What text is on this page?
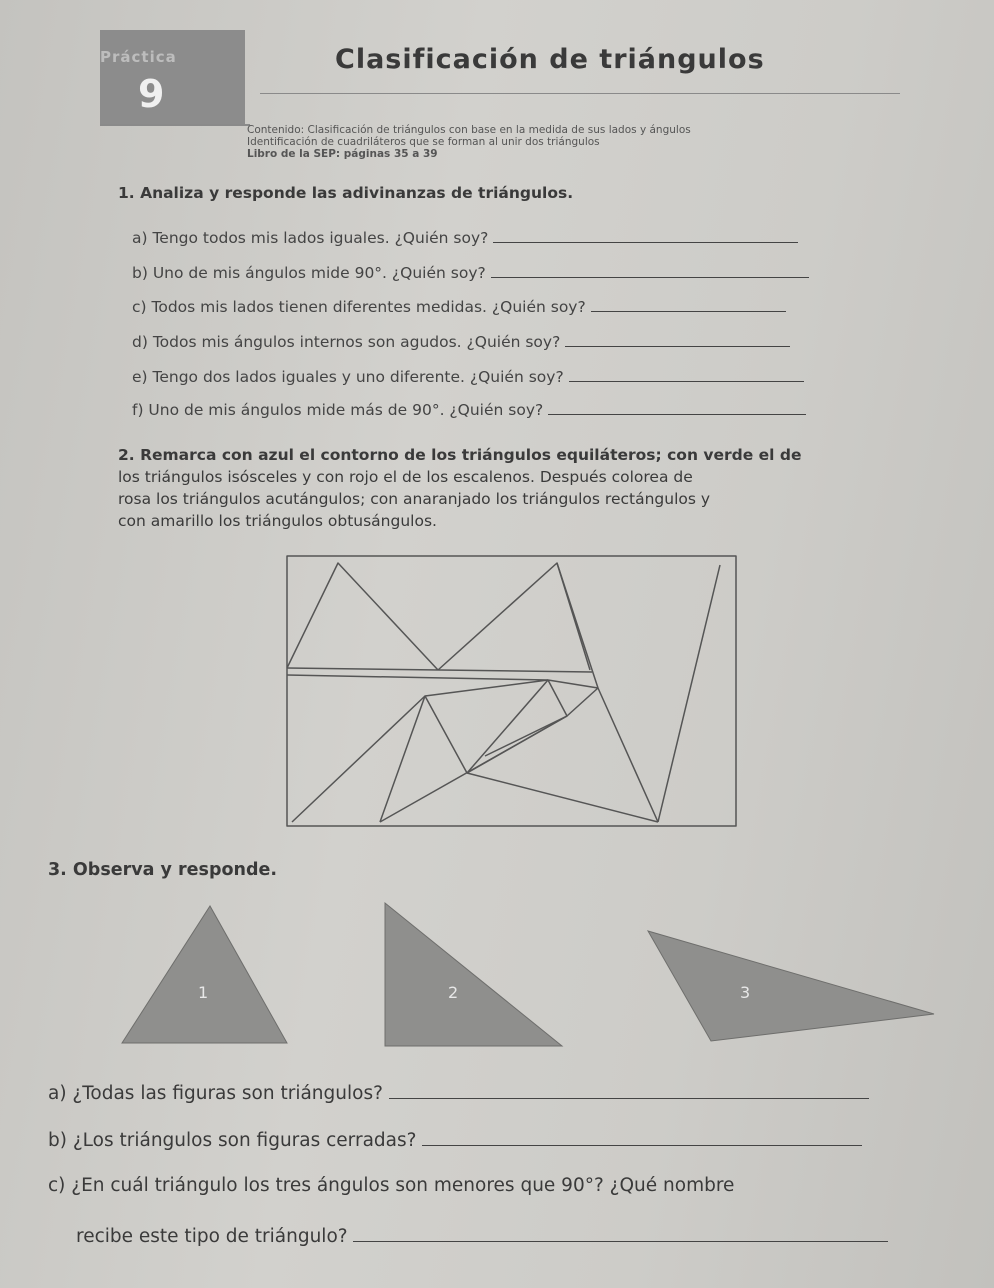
Práctica
9
Clasificación de triángulos
Contenido: Clasificación de triángulos con base en la medida de sus lados y ángulos
Identificación de cuadriláteros que se forman al unir dos triángulos
Libro de la SEP: páginas 35 a 39
1. Analiza y responde las adivinanzas de triángulos.
a) Tengo todos mis lados iguales. ¿Quién soy?
b) Uno de mis ángulos mide 90°. ¿Quién soy?
c) Todos mis lados tienen diferentes medidas. ¿Quién soy?
d) Todos mis ángulos internos son agudos. ¿Quién soy?
e) Tengo dos lados iguales y uno diferente. ¿Quién soy?
f) Uno de mis ángulos mide más de 90°. ¿Quién soy?
2. Remarca con azul el contorno de los triángulos equiláteros; con verde el de
los triángulos isósceles y con rojo el de los escalenos. Después colorea de
rosa los triángulos acutángulos; con anaranjado los triángulos rectángulos y
con amarillo los triángulos obtusángulos.
1	2	3
3. Observa y responde.
a) ¿Todas las figuras son triángulos?
b) ¿Los triángulos son figuras cerradas?
c) ¿En cuál triángulo los tres ángulos son menores que 90°? ¿Qué nombre
recibe este tipo de triángulo?
